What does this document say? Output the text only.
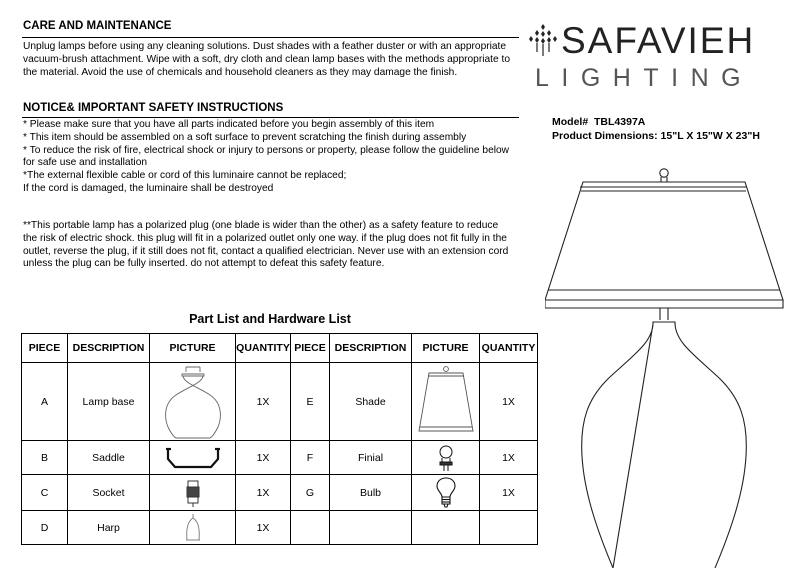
CARE AND MAINTENANCE
Unplug lamps before using any cleaning solutions. Dust shades with a feather duster or with an appropriate
vacuum-brush attachment. Wipe with a soft, dry cloth and clean lamp bases with the methods appropriate to
the material. Avoid the use of chemicals and household cleaners as they may damage the finish.
NOTICE& IMPORTANT SAFETY INSTRUCTIONS
* Please make sure that you have all parts indicated before you begin assembly of this item
* This item should be assembled on a soft surface to prevent scratching the finish during assembly
* To reduce the risk of fire, electrical shock or injury to persons or property, please follow the guideline below
for safe use and installation
*The external flexible cable or cord of this luminaire cannot be replaced;
If the cord is damaged, the luminaire shall be destroyed
**This portable lamp has a polarized plug (one blade is wider than the other) as a safety feature to reduce
the risk of electric shock. this plug will fit in a polarized outlet only one way. if the plug does not fit fully in the
outlet, reverse the plug, if it still does not fit, contact a qualified electrician. Never use with an extension cord
unless the plug can be fully inserted. do not attempt to defeat this safety feature.
SAFAVIEH
LIGHTING
Model# TBL4397A
Product Dimensions: 15"L X 15"W X 23"H
Part List and Hardware List
PIECE	DESCRIPTION	PICTURE	QUANTITY	PIECE	DESCRIPTION	PICTURE	QUANTITY
A	Lamp base		1X	E	Shade		1X
B	Saddle		1X	F	Finial		1X
C	Socket		1X	G	Bulb		1X
D	Harp		1X				
